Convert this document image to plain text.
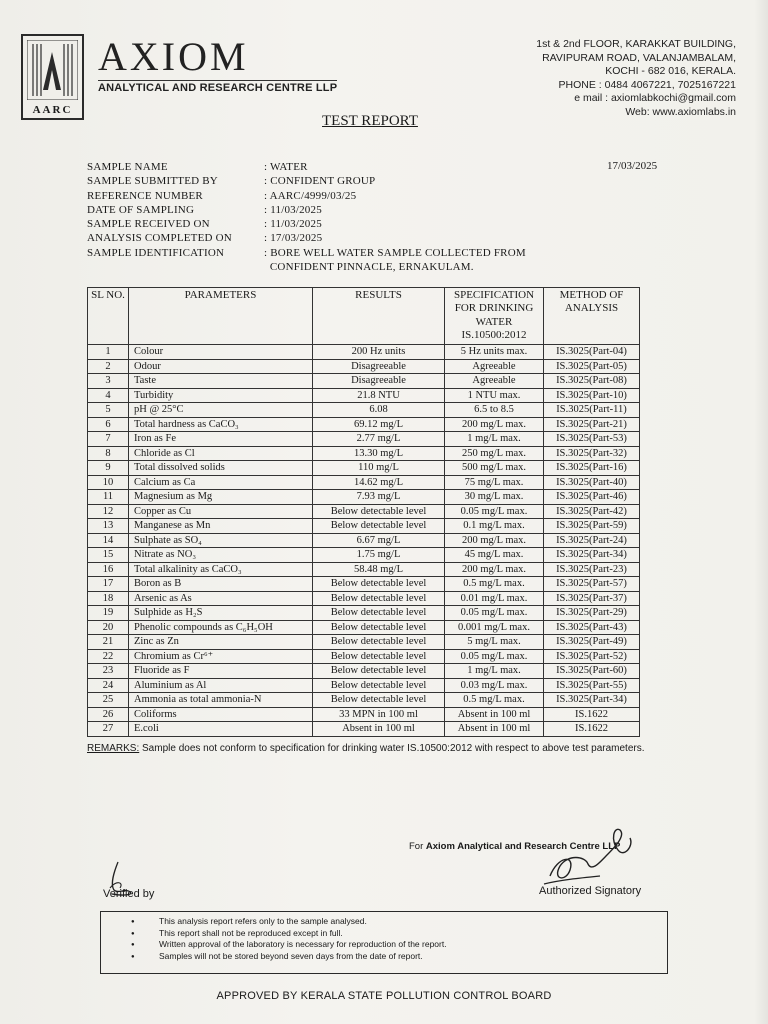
AARC
AXIOM
ANALYTICAL AND RESEARCH CENTRE LLP
1st & 2nd FLOOR, KARAKKAT BUILDING,
RAVIPURAM ROAD, VALANJAMBALAM,
KOCHI - 682 016, KERALA.
PHONE : 0484 4067221, 7025167221
e mail : axiomlabkochi@gmail.com
Web: www.axiomlabs.in
TEST REPORT
SAMPLE NAME	: WATER
SAMPLE SUBMITTED BY	: CONFIDENT GROUP
REFERENCE NUMBER	: AARC/4999/03/25
DATE OF SAMPLING	: 11/03/2025
SAMPLE RECEIVED ON	: 11/03/2025
ANALYSIS COMPLETED ON	: 17/03/2025
SAMPLE IDENTIFICATION	: BORE WELL WATER SAMPLE COLLECTED FROM
CONFIDENT PINNACLE, ERNAKULAM.
17/03/2025
SL NO.	PARAMETERS	RESULTS	SPECIFICATION FOR DRINKING WATER IS.10500:2012	METHOD OF ANALYSIS
1	Colour	200 Hz units	5 Hz units max.	IS.3025(Part-04)
2	Odour	Disagreeable	Agreeable	IS.3025(Part-05)
3	Taste	Disagreeable	Agreeable	IS.3025(Part-08)
4	Turbidity	21.8 NTU	1 NTU max.	IS.3025(Part-10)
5	pH @ 25°C	6.08	6.5 to 8.5	IS.3025(Part-11)
6	Total hardness as CaCO₃	69.12 mg/L	200 mg/L max.	IS.3025(Part-21)
7	Iron as Fe	2.77 mg/L	1 mg/L max.	IS.3025(Part-53)
8	Chloride as Cl	13.30 mg/L	250 mg/L max.	IS.3025(Part-32)
9	Total dissolved solids	110 mg/L	500 mg/L max.	IS.3025(Part-16)
10	Calcium as Ca	14.62 mg/L	75 mg/L max.	IS.3025(Part-40)
11	Magnesium as Mg	7.93 mg/L	30 mg/L max.	IS.3025(Part-46)
12	Copper as Cu	Below detectable level	0.05 mg/L max.	IS.3025(Part-42)
13	Manganese as Mn	Below detectable level	0.1 mg/L max.	IS.3025(Part-59)
14	Sulphate as SO₄	6.67 mg/L	200 mg/L max.	IS.3025(Part-24)
15	Nitrate as NO₃	1.75 mg/L	45 mg/L max.	IS.3025(Part-34)
16	Total alkalinity as CaCO₃	58.48 mg/L	200 mg/L max.	IS.3025(Part-23)
17	Boron as B	Below detectable level	0.5 mg/L max.	IS.3025(Part-57)
18	Arsenic as As	Below detectable level	0.01 mg/L max.	IS.3025(Part-37)
19	Sulphide as H₂S	Below detectable level	0.05 mg/L max.	IS.3025(Part-29)
20	Phenolic compounds as C₆H₅OH	Below detectable level	0.001 mg/L max.	IS.3025(Part-43)
21	Zinc as Zn	Below detectable level	5 mg/L max.	IS.3025(Part-49)
22	Chromium as Cr⁶⁺	Below detectable level	0.05 mg/L max.	IS.3025(Part-52)
23	Fluoride as F	Below detectable level	1 mg/L max.	IS.3025(Part-60)
24	Aluminium as Al	Below detectable level	0.03 mg/L max.	IS.3025(Part-55)
25	Ammonia as total ammonia-N	Below detectable level	0.5 mg/L max.	IS.3025(Part-34)
26	Coliforms	33 MPN in 100 ml	Absent in 100 ml	IS.1622
27	E.coli	Absent in 100 ml	Absent in 100 ml	IS.1622
REMARKS: Sample does not conform to specification for drinking water IS.10500:2012 with respect to above test parameters.
For Axiom Analytical and Research Centre LLP
Verified by	Authorized Signatory
● This analysis report refers only to the sample analysed.
● This report shall not be reproduced except in full.
● Written approval of the laboratory is necessary for reproduction of the report.
● Samples will not be stored beyond seven days from the date of report.
APPROVED BY KERALA STATE POLLUTION CONTROL BOARD
